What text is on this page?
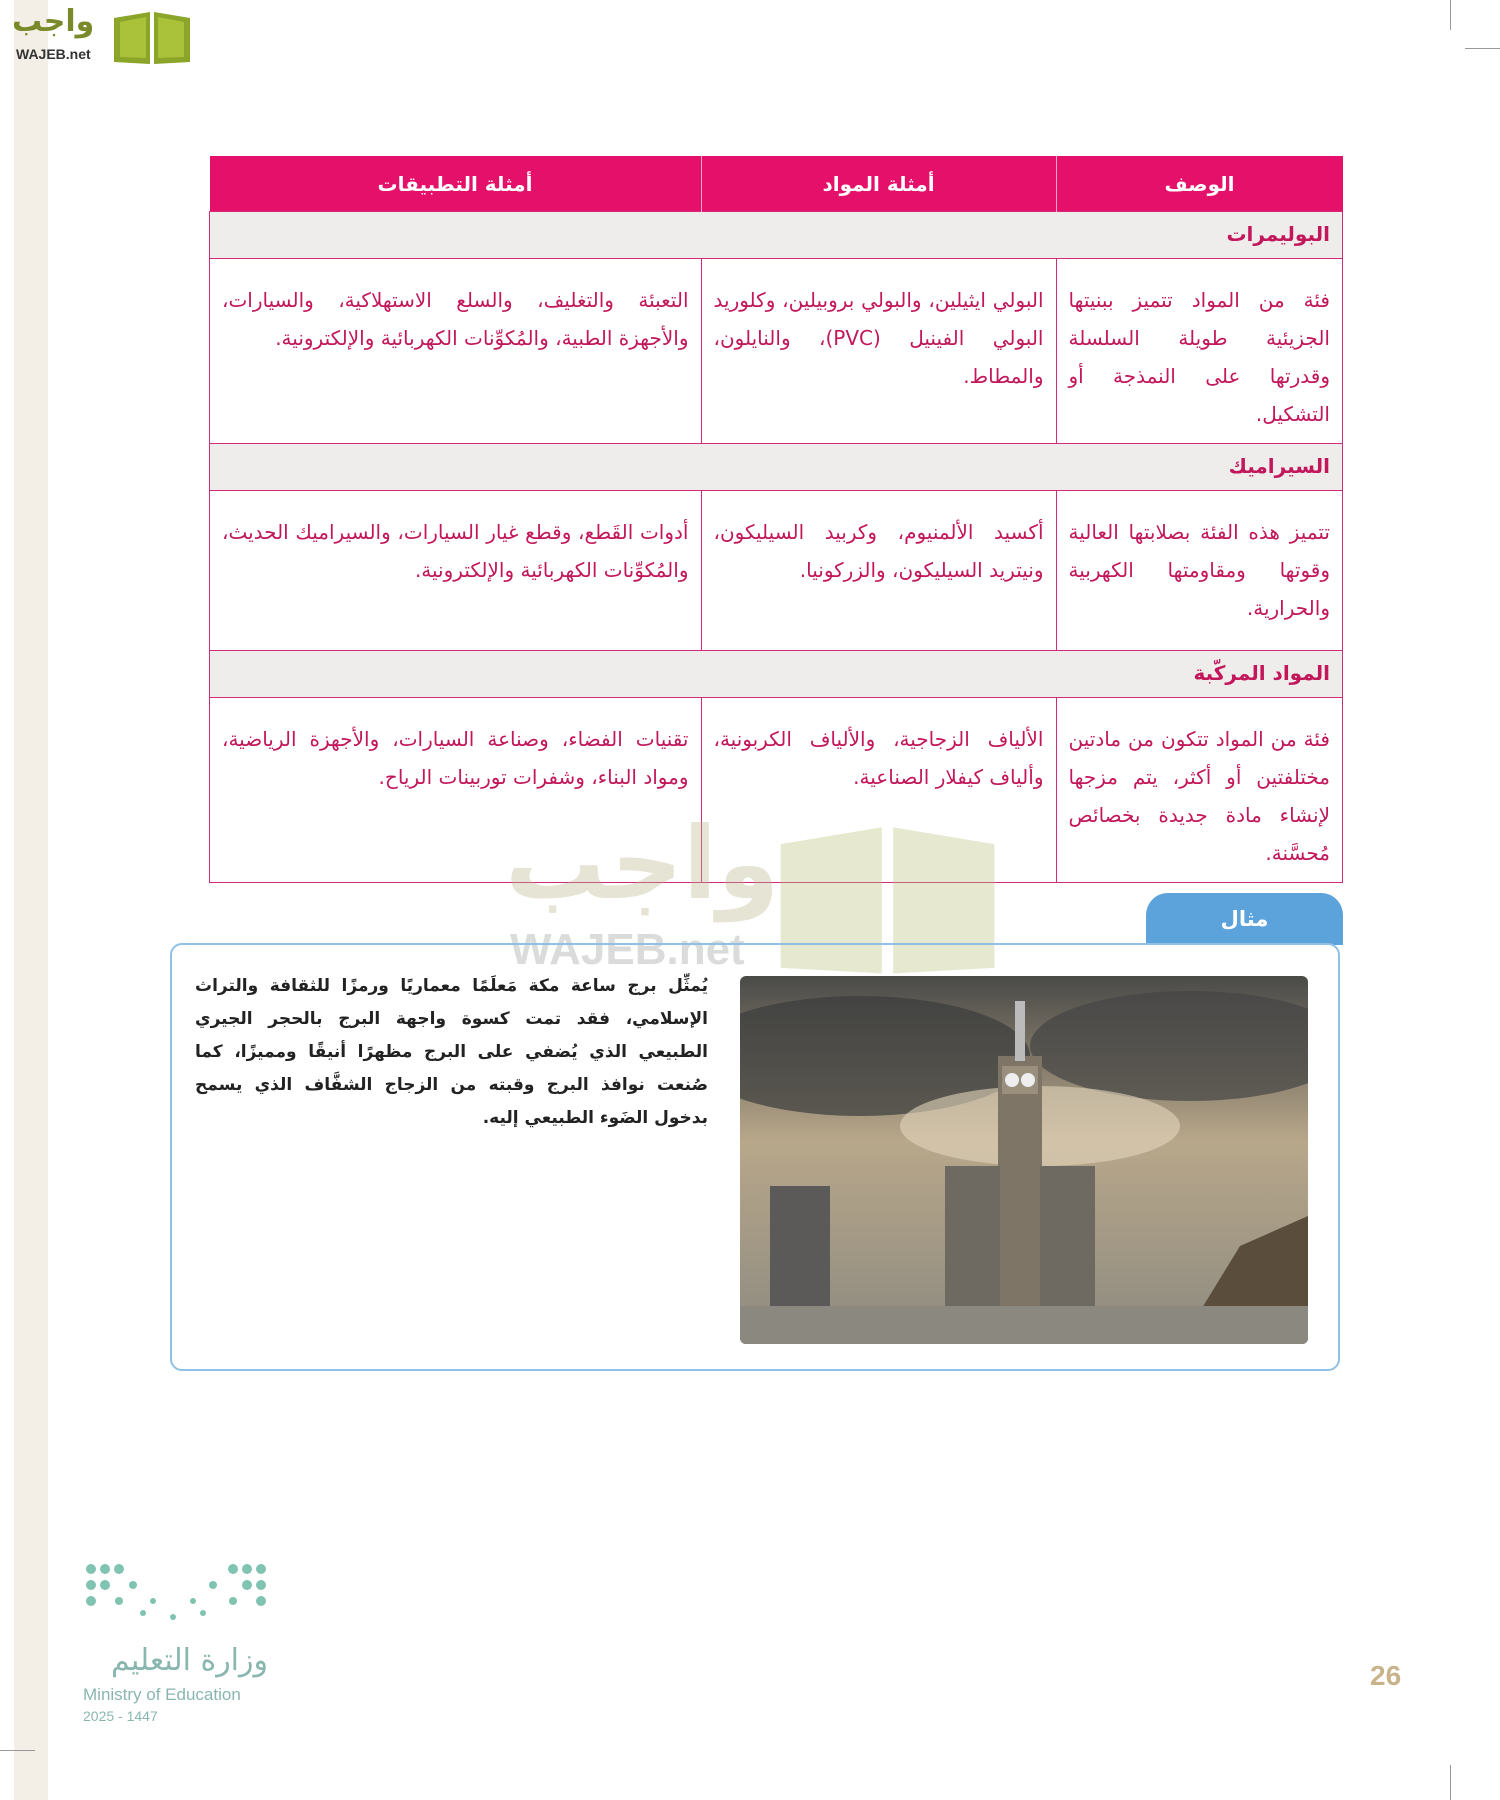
واجب
WAJEB.net
الوصف	أمثلة المواد	أمثلة التطبيقات
البوليمرات		
فئة من المواد تتميز ببنيتها الجزيئية طويلة السلسلة وقدرتها على النمذجة أو التشكيل.	البولي ايثيلين، والبولي بروبيلين، وكلوريد البولي الفينيل (PVC)، والنايلون، والمطاط.	التعبئة والتغليف، والسلع الاستهلاكية، والسيارات، والأجهزة الطبية، والمُكوِّنات الكهربائية والإلكترونية.
السيراميك		
تتميز هذه الفئة بصلابتها العالية وقوتها ومقاومتها الكهربية والحرارية.	أكسيد الألمنيوم، وكربيد السيليكون، ونيتريد السيليكون، والزركونيا.	أدوات القَطع، وقطع غيار السيارات، والسيراميك الحديث، والمُكوِّنات الكهربائية والإلكترونية.
المواد المركّبة		
فئة من المواد تتكون من مادتين مختلفتين أو أكثر، يتم مزجها لإنشاء مادة جديدة بخصائص مُحسَّنة.	الألياف الزجاجية، والألياف الكربونية، وألياف كيفلار الصناعية.	تقنيات الفضاء، وصناعة السيارات، والأجهزة الرياضية، ومواد البناء، وشفرات توربينات الرياح.
واجب
WAJEB.net
مثال
يُمثِّل برج ساعة مكة مَعلَمًا معماريًا ورمزًا للثقافة والتراث الإسلامي، فقد تمت كسوة واجهة البرج بالحجر الجيري الطبيعي الذي يُضفي على البرج مظهرًا أنيقًا ومميزًا، كما صُنعت نوافذ البرج وقبته من الزجاج الشفَّاف الذي يسمح بدخول الضَوء الطبيعي إليه.
وزارة التعليم
Ministry of Education
2025 - 1447
26
